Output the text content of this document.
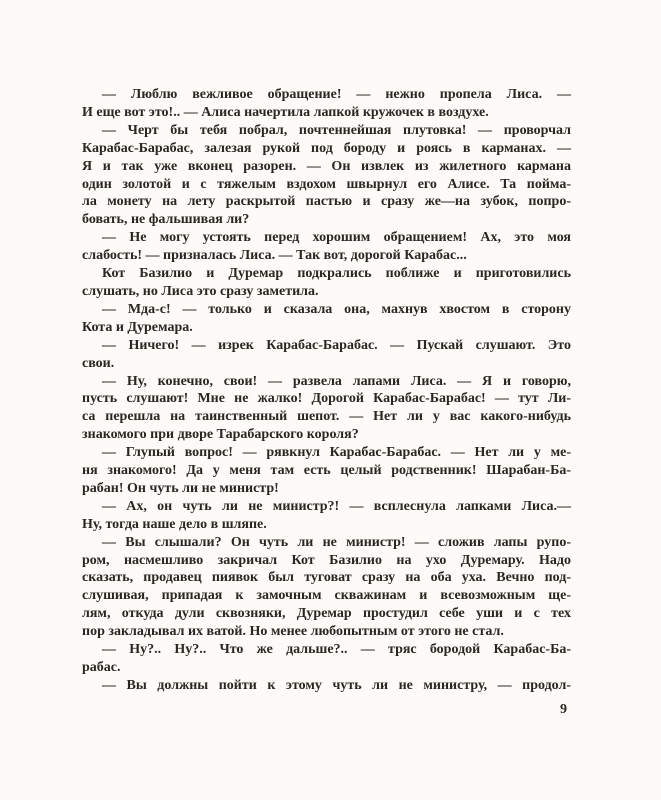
— Люблю вежливое обращение! — нежно пропела Лиса. —
И еще вот это!.. — Алиса начертила лапкой кружочек в воздухе.
— Черт бы тебя побрал, почтеннейшая плутовка! — проворчал
Карабас-Барабас, залезая рукой под бороду и роясь в карманах. —
Я и так уже вконец разорен. — Он извлек из жилетного кармана
один золотой и с тяжелым вздохом швырнул его Алисе. Та пойма-
ла монету на лету раскрытой пастью и сразу же—на зубок, попро-
бовать, не фальшивая ли?
— Не могу устоять перед хорошим обращением! Ах, это моя
слабость! — призналась Лиса. — Так вот, дорогой Карабас...
Кот Базилио и Дуремар подкрались поближе и приготовились
слушать, но Лиса это сразу заметила.
— Мда-с! — только и сказала она, махнув хвостом в сторону
Кота и Дуремара.
— Ничего! — изрек Карабас-Барабас. — Пускай слушают. Это
свои.
— Ну, конечно, свои! — развела лапами Лиса. — Я и говорю,
пусть слушают! Мне не жалко! Дорогой Карабас-Барабас! — тут Ли-
са перешла на таинственный шепот. — Нет ли у вас какого-нибудь
знакомого при дворе Тарабарского короля?
— Глупый вопрос! — рявкнул Карабас-Барабас. — Нет ли у ме-
ня знакомого! Да у меня там есть целый родственник! Шарабан-Ба-
рабан! Он чуть ли не министр!
— Ах, он чуть ли не министр?! — всплеснула лапками Лиса.—
Ну, тогда наше дело в шляпе.
— Вы слышали? Он чуть ли не министр! — сложив лапы рупо-
ром, насмешливо закричал Кот Базилио на ухо Дуремару. Надо
сказать, продавец пиявок был туговат сразу на оба уха. Вечно под-
слушивая, припадая к замочным скважинам и всевозможным ще-
лям, откуда дули сквозняки, Дуремар простудил себе уши и с тех
пор закладывал их ватой. Но менее любопытным от этого не стал.
— Ну?.. Ну?.. Что же дальше?.. — тряс бородой Карабас-Ба-
рабас.
— Вы должны пойти к этому чуть ли не министру, — продол-
9
